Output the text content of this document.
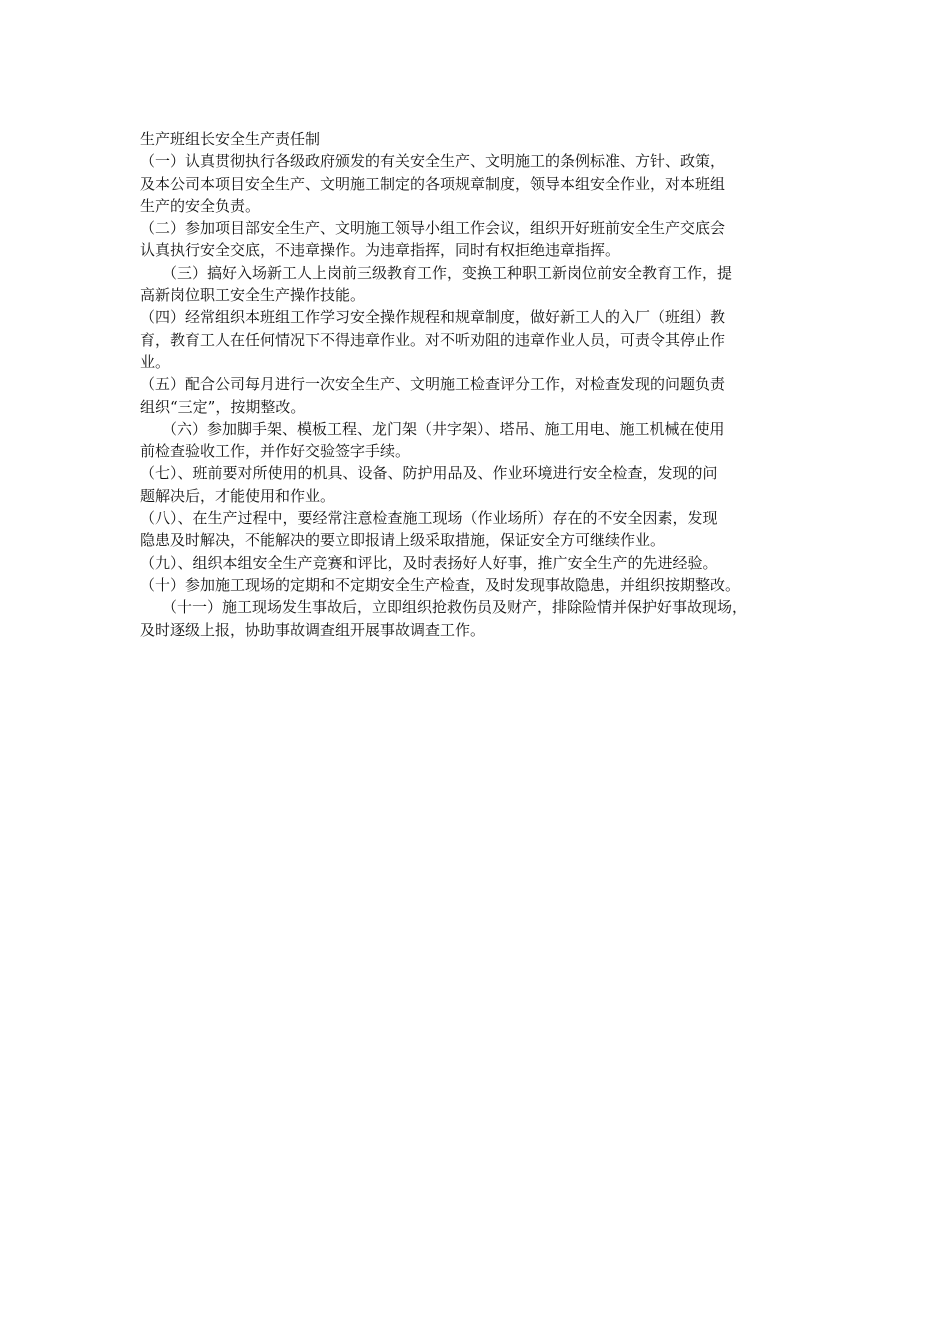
生产班组长安全生产责任制

（一）认真贯彻执行各级政府颁发的有关安全生产、文明施工的条例标准、方针、政策，

及本公司本项目安全生产、文明施工制定的各项规章制度，领导本组安全作业，对本班组

生产的安全负责。

（二）参加项目部安全生产、文明施工领导小组工作会议，组织开好班前安全生产交底会

认真执行安全交底，不违章操作。为违章指挥，同时有权拒绝违章指挥。

（三）搞好入场新工人上岗前三级教育工作，变换工种职工新岗位前安全教育工作，提

高新岗位职工安全生产操作技能。

（四）经常组织本班组工作学习安全操作规程和规章制度，做好新工人的入厂（班组）教

育，教育工人在任何情况下不得违章作业。对不听劝阻的违章作业人员，可责令其停止作

业。

（五）配合公司每月进行一次安全生产、文明施工检查评分工作，对检查发现的问题负责

组织“三定”，按期整改。

（六）参加脚手架、模板工程、龙门架（井字架）、塔吊、施工用电、施工机械在使用

前检查验收工作，并作好交验签字手续。

（七）、班前要对所使用的机具、设备、防护用品及、作业环境进行安全检查，发现的问

题解决后，才能使用和作业。

（八）、在生产过程中，要经常注意检查施工现场（作业场所）存在的不安全因素，发现

隐患及时解决，不能解决的要立即报请上级采取措施，保证安全方可继续作业。

（九）、组织本组安全生产竞赛和评比，及时表扬好人好事，推广安全生产的先进经验。

（十）参加施工现场的定期和不定期安全生产检查，及时发现事故隐患，并组织按期整改。

（十一）施工现场发生事故后，立即组织抢救伤员及财产，排除险情并保护好事故现场，

及时逐级上报，协助事故调查组开展事故调查工作。
